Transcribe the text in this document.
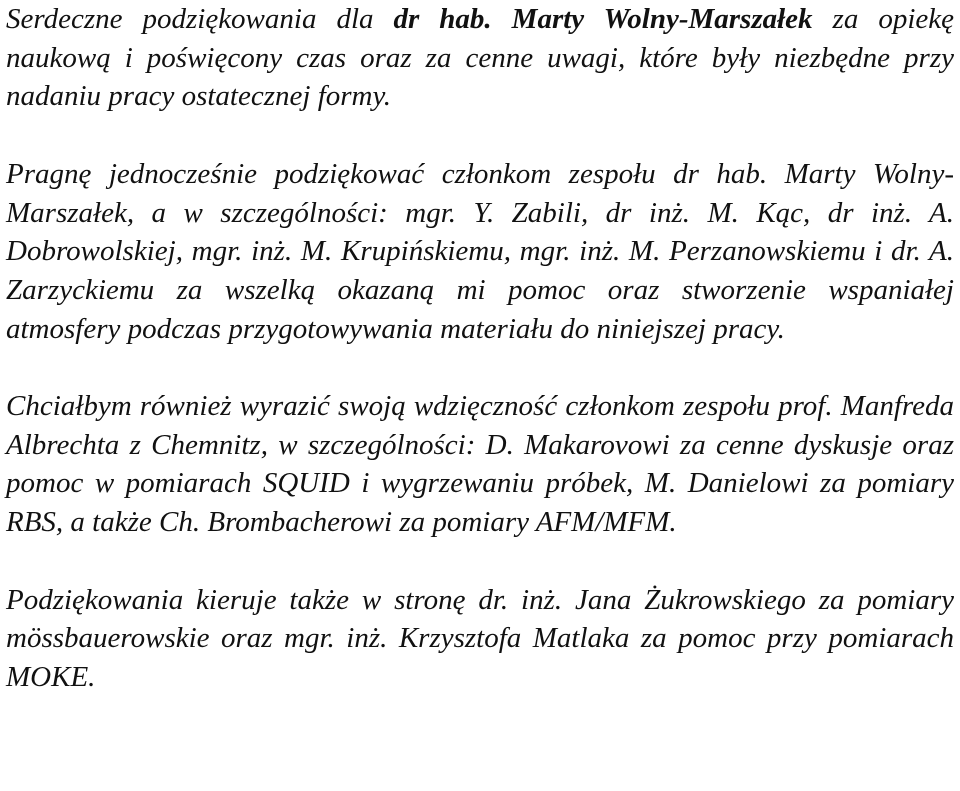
Serdeczne podziękowania dla dr hab. Marty Wolny-Marszałek za opiekę naukową i poświęcony czas oraz za cenne uwagi, które były niezbędne przy nadaniu pracy ostatecznej formy.

Pragnę jednocześnie podziękować członkom zespołu dr hab. Marty Wolny-Marszałek, a w szczególności: mgr. Y. Zabili, dr inż. M. Kąc, dr inż. A. Dobrowolskiej, mgr. inż. M. Krupińskiemu, mgr. inż. M. Perzanowskiemu i dr. A. Zarzyckiemu za wszelką okazaną mi pomoc oraz stworzenie wspaniałej atmosfery podczas przygotowywania materiału do niniejszej pracy.

Chciałbym również wyrazić swoją wdzięczność członkom zespołu prof. Manfreda Albrechta z Chemnitz, w szczególności: D. Makarovowi za cenne dyskusje oraz pomoc w pomiarach SQUID i wygrzewaniu próbek, M. Danielowi za pomiary RBS, a także Ch. Brombacherowi za pomiary AFM/MFM.

Podziękowania kieruje także w stronę dr. inż. Jana Żukrowskiego za pomiary mössbauerowskie oraz mgr. inż. Krzysztofa Matlaka za pomoc przy pomiarach MOKE.
